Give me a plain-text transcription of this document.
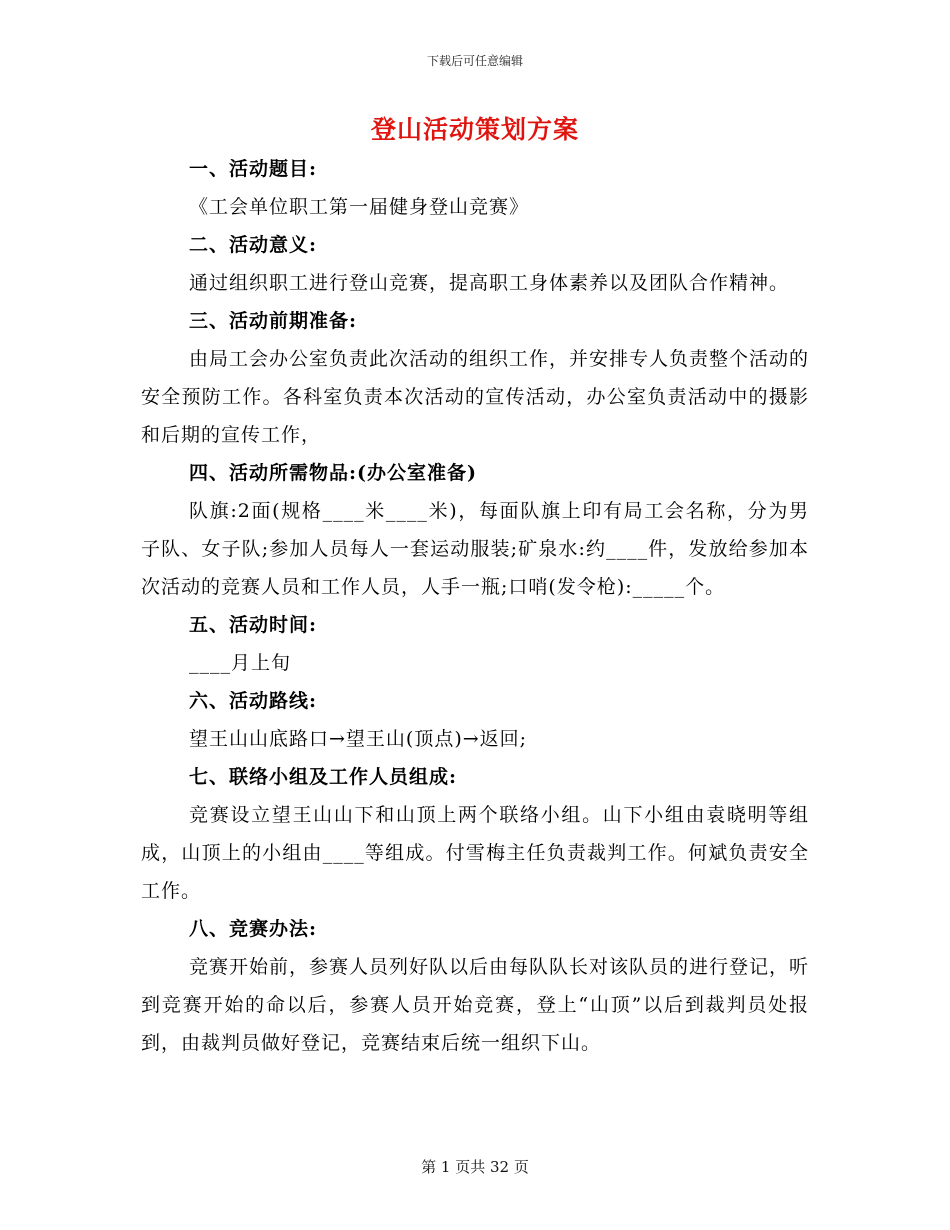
下载后可任意编辑
登山活动策划方案

一、活动题目:

《工会单位职工第一届健身登山竞赛》

二、活动意义:

通过组织职工进行登山竞赛，提高职工身体素养以及团队合作精神。

三、活动前期准备:

由局工会办公室负责此次活动的组织工作，并安排专人负责整个活动的安全预防工作。各科室负责本次活动的宣传活动，办公室负责活动中的摄影和后期的宣传工作，

四、活动所需物品:(办公室准备)

队旗:2面(规格____米____米)，每面队旗上印有局工会名称，分为男子队、女子队;参加人员每人一套运动服装;矿泉水:约____件，发放给参加本次活动的竞赛人员和工作人员，人手一瓶;口哨(发令枪):_____个。

五、活动时间:

____月上旬

六、活动路线:

望王山山底路口→望王山(顶点)→返回;

七、联络小组及工作人员组成:

竞赛设立望王山山下和山顶上两个联络小组。山下小组由袁晓明等组成，山顶上的小组由____等组成。付雪梅主任负责裁判工作。何斌负责安全工作。

八、竞赛办法:

竞赛开始前，参赛人员列好队以后由每队队长对该队员的进行登记，听到竞赛开始的命以后，参赛人员开始竞赛，登上“山顶”以后到裁判员处报到，由裁判员做好登记，竞赛结束后统一组织下山。

第 1 页共 32 页
